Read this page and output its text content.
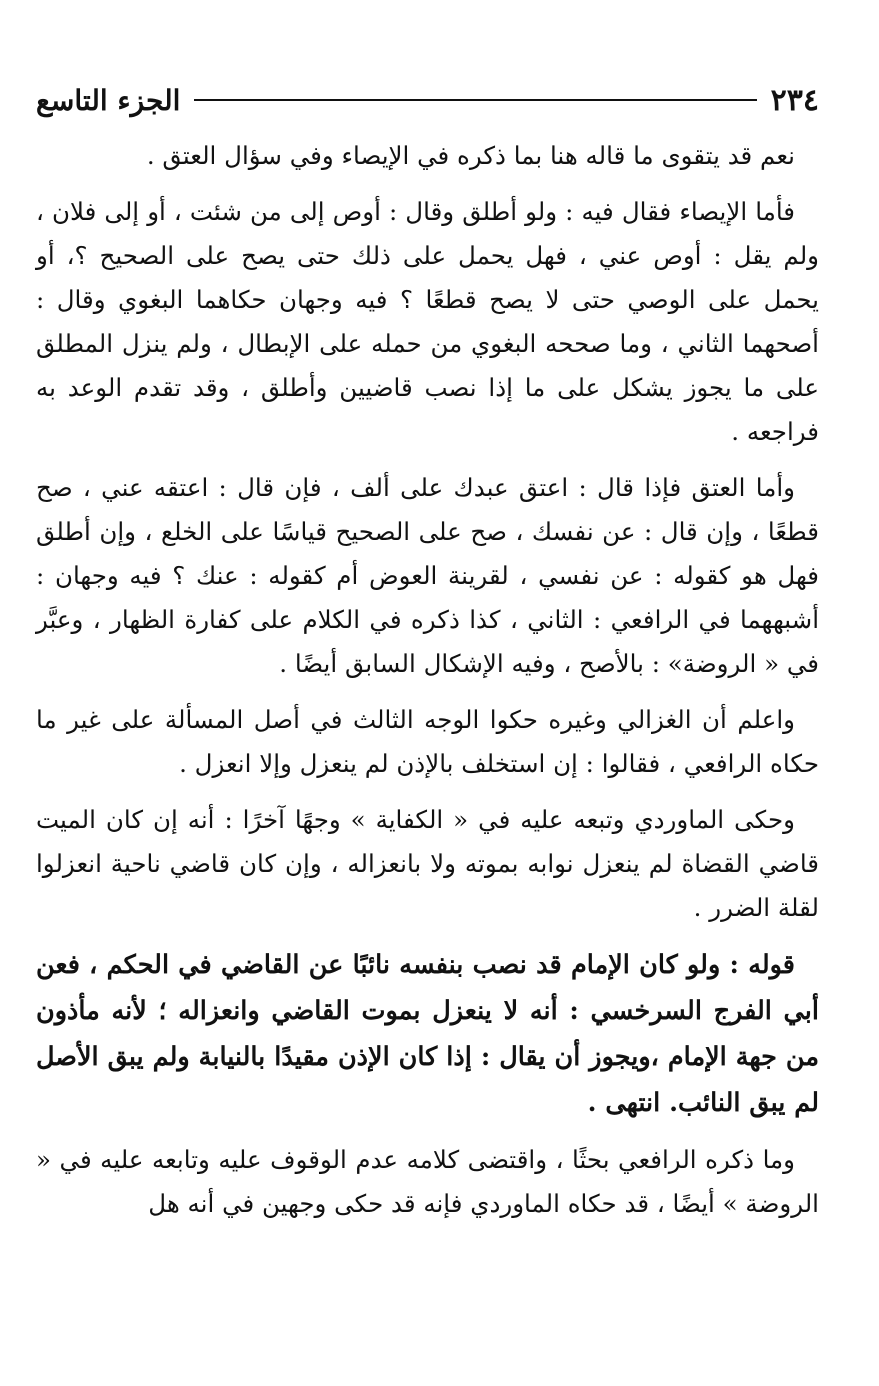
٢٣٤
الجزء التاسع

نعم قد يتقوى ما قاله هنا بما ذكره في الإيصاء وفي سؤال العتق .

فأما الإيصاء فقال فيه : ولو أطلق وقال : أوص إلى من شئت ، أو إلى فلان ، ولم يقل : أوص عني ، فهل يحمل على ذلك حتى يصح على الصحيح ؟، أو يحمل على الوصي حتى لا يصح قطعًا ؟ فيه وجهان حكاهما البغوي وقال : أصحهما الثاني ، وما صححه البغوي من حمله على الإبطال ، ولم ينزل المطلق على ما يجوز يشكل على ما إذا نصب قاضيين وأطلق ، وقد تقدم الوعد به فراجعه .

وأما العتق فإذا قال : اعتق عبدك على ألف ، فإن قال : اعتقه عني ، صح قطعًا ، وإن قال : عن نفسك ، صح على الصحيح قياسًا على الخلع ، وإن أطلق فهل هو كقوله : عن نفسي ، لقرينة العوض أم كقوله : عنك ؟ فيه وجهان : أشبههما في الرافعي : الثاني ، كذا ذكره في الكلام على كفارة الظهار ، وعبَّر في « الروضة» : بالأصح ، وفيه الإشكال السابق أيضًا .

واعلم أن الغزالي وغيره حكوا الوجه الثالث في أصل المسألة على غير ما حكاه الرافعي ، فقالوا : إن استخلف بالإذن لم ينعزل وإلا انعزل .

وحكى الماوردي وتبعه عليه في « الكفاية » وجهًا آخرًا : أنه إن كان الميت قاضي القضاة لم ينعزل نوابه بموته ولا بانعزاله ، وإن كان قاضي ناحية انعزلوا لقلة الضرر .

قوله : ولو كان الإمام قد نصب بنفسه نائبًا عن القاضي في الحكم ، فعن أبي الفرج السرخسي : أنه لا ينعزل بموت القاضي وانعزاله ؛ لأنه مأذون من جهة الإمام ،ويجوز أن يقال : إذا كان الإذن مقيدًا بالنيابة ولم يبق الأصل لم يبق النائب. انتهى .

وما ذكره الرافعي بحثًا ، واقتضى كلامه عدم الوقوف عليه وتابعه عليه في « الروضة » أيضًا ، قد حكاه الماوردي فإنه قد حكى وجهين في أنه هل
